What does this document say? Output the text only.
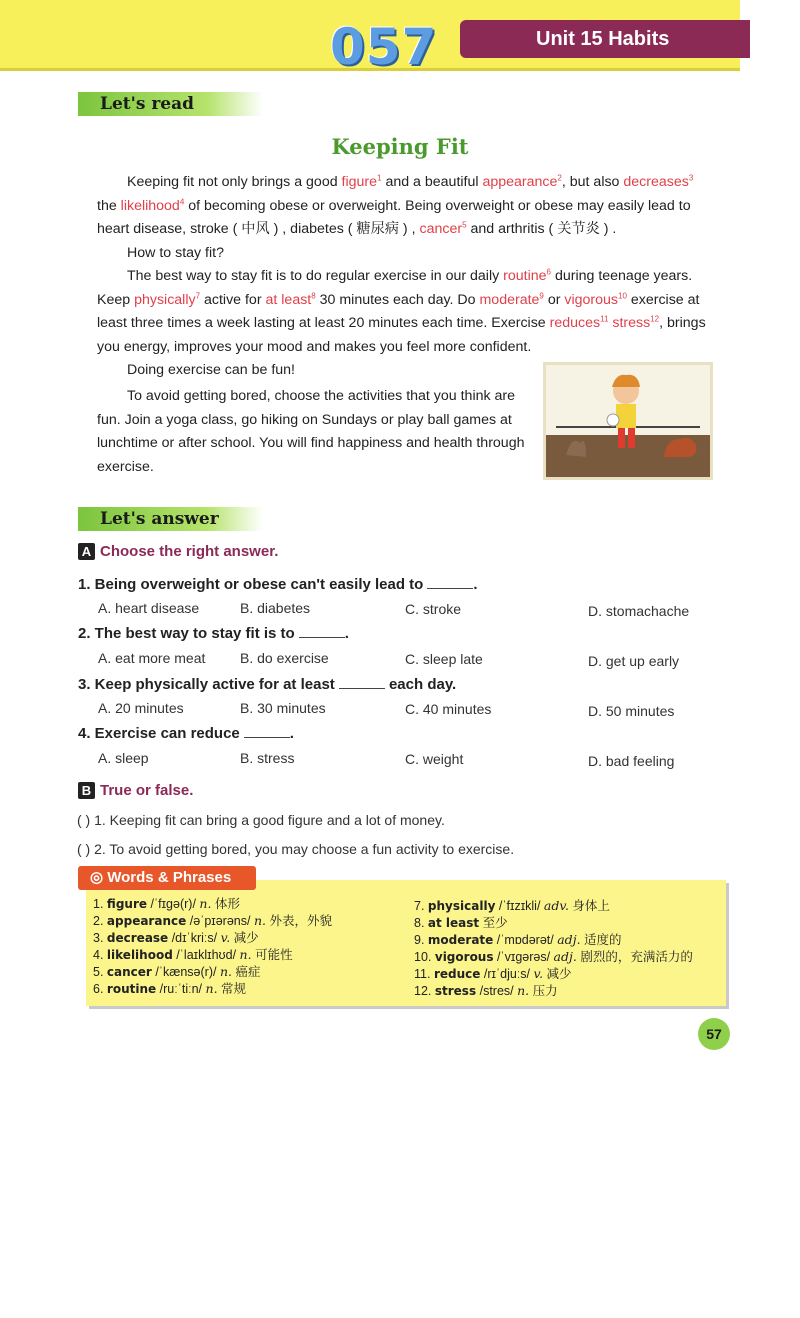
057	Unit 15 Habits
Let's read
Keeping Fit

Keeping fit not only brings a good figure$^1$ and a beautiful appearance$^2$, but also decreases$^3$ the likelihood$^4$ of becoming obese or overweight. Being overweight or obese may easily lead to heart disease, stroke ( 中风 ) , diabetes ( 糖尿病 ) , cancer$^5$ and arthritis ( 关节炎 ) .

How to stay fit?

The best way to stay fit is to do regular exercise in our daily routine$^6$ during teenage years. Keep physically$^7$ active for at least$^8$ 30 minutes each day. Do moderate$^9$ or vigorous$^{10}$ exercise at least three times a week lasting at least 20 minutes each time. Exercise reduces$^{11}$ stress$^{12}$, brings you energy, improves your mood and makes you feel more confident.

Doing exercise can be fun!

To avoid getting bored, choose the activities that you think are fun. Join a yoga class, go hiking on Sundays or play ball games at lunchtime or after school. You will find happiness and health through exercise.

Let's answer
A Choose the right answer.
1. Being overweight or obese can't easily lead to	.
A. heart disease	B. diabetes	C. stroke	D. stomachache
2. The best way to stay fit is to	.
A. eat more meat B. do exercise	C. sleep late	D. get up early
3. Keep physically active for at least	each day.
A. 20 minutes	B. 30 minutes	C. 40 minutes	D. 50 minutes
4. Exercise can reduce	.
A. sleep	B. stress	C. weight	D. bad feeling
B True or false.
( ) 1. Keeping fit can bring a good figure and a lot of money.
( ) 2. To avoid getting bored, you may choose a fun activity to exercise.
◎ Words & Phrases
1. figure /ˈfɪgə(r)/ n. 体形
2. appearance /əˈpɪərəns/ n. 外表，外貌
3. decrease /dɪˈkriːs/ v. 减少
4. likelihood /ˈlaɪklɪhʊd/ n. 可能性
5. cancer /ˈkænsə(r)/ n. 癌症
6. routine /ruːˈtiːn/ n. 常规
7. physically /ˈfɪzɪkli/ adv. 身体上
8. at least 至少
9. moderate /ˈmɒdərət/ adj. 适度的
10. vigorous /ˈvɪgərəs/ adj. 剧烈的，充满活力的
11. reduce /rɪˈdjuːs/ v. 减少
12. stress /stres/ n. 压力
57
